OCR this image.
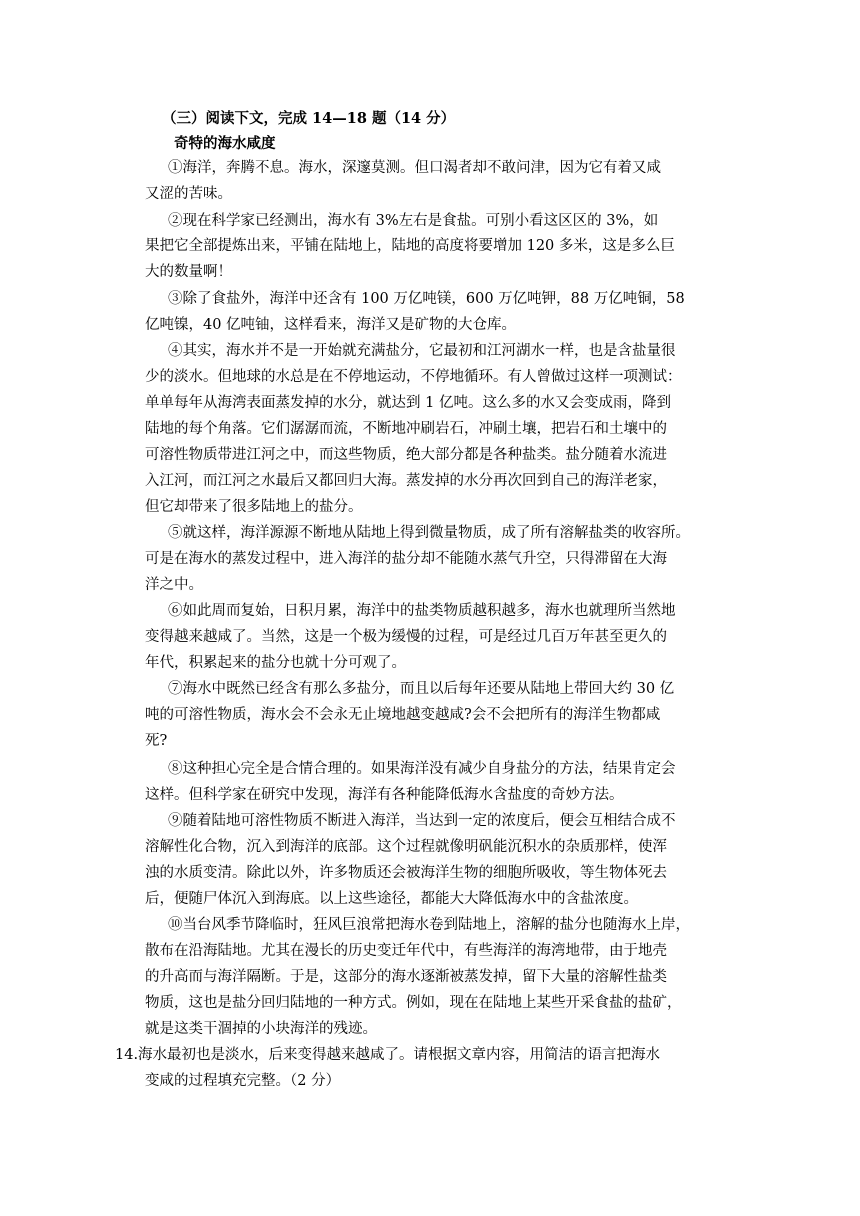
（三）阅读下文，完成 14—18 题（14 分）
奇特的海水咸度
①海洋，奔腾不息。海水，深邃莫测。但口渴者却不敢问津，因为它有着又咸
又涩的苦味。
②现在科学家已经测出，海水有 3%左右是食盐。可别小看这区区的 3%，如
果把它全部提炼出来，平铺在陆地上，陆地的高度将要增加 120 多米，这是多么巨
大的数量啊！
③除了食盐外，海洋中还含有 100 万亿吨镁，600 万亿吨钾，88 万亿吨铜，58
亿吨镍，40 亿吨铀，这样看来，海洋又是矿物的大仓库。
④其实，海水并不是一开始就充满盐分，它最初和江河湖水一样，也是含盐量很
少的淡水。但地球的水总是在不停地运动，不停地循环。有人曾做过这样一项测试：
单单每年从海湾表面蒸发掉的水分，就达到 1 亿吨。这么多的水又会变成雨，降到
陆地的每个角落。它们潺潺而流，不断地冲刷岩石，冲刷土壤，把岩石和土壤中的
可溶性物质带进江河之中，而这些物质，绝大部分都是各种盐类。盐分随着水流进
入江河，而江河之水最后又都回归大海。蒸发掉的水分再次回到自己的海洋老家，
但它却带来了很多陆地上的盐分。
⑤就这样，海洋源源不断地从陆地上得到微量物质，成了所有溶解盐类的收容所。
可是在海水的蒸发过程中，进入海洋的盐分却不能随水蒸气升空，只得滞留在大海
洋之中。
⑥如此周而复始，日积月累，海洋中的盐类物质越积越多，海水也就理所当然地
变得越来越咸了。当然，这是一个极为缓慢的过程，可是经过几百万年甚至更久的
年代，积累起来的盐分也就十分可观了。
⑦海水中既然已经含有那么多盐分，而且以后每年还要从陆地上带回大约 30 亿
吨的可溶性物质，海水会不会永无止境地越变越咸?会不会把所有的海洋生物都咸
死?
⑧这种担心完全是合情合理的。如果海洋没有减少自身盐分的方法，结果肯定会
这样。但科学家在研究中发现，海洋有各种能降低海水含盐度的奇妙方法。
⑨随着陆地可溶性物质不断进入海洋，当达到一定的浓度后，便会互相结合成不
溶解性化合物，沉入到海洋的底部。这个过程就像明矾能沉积水的杂质那样，使浑
浊的水质变清。除此以外，许多物质还会被海洋生物的细胞所吸收，等生物体死去
后，便随尸体沉入到海底。以上这些途径，都能大大降低海水中的含盐浓度。
⑩当台风季节降临时，狂风巨浪常把海水卷到陆地上，溶解的盐分也随海水上岸，
散布在沿海陆地。尤其在漫长的历史变迁年代中，有些海洋的海湾地带，由于地壳
的升高而与海洋隔断。于是，这部分的海水逐渐被蒸发掉，留下大量的溶解性盐类
物质，这也是盐分回归陆地的一种方式。例如，现在在陆地上某些开采食盐的盐矿，
就是这类干涸掉的小块海洋的残迹。
14.海水最初也是淡水，后来变得越来越咸了。请根据文章内容，用简洁的语言把海水
变咸的过程填充完整。（2 分）
